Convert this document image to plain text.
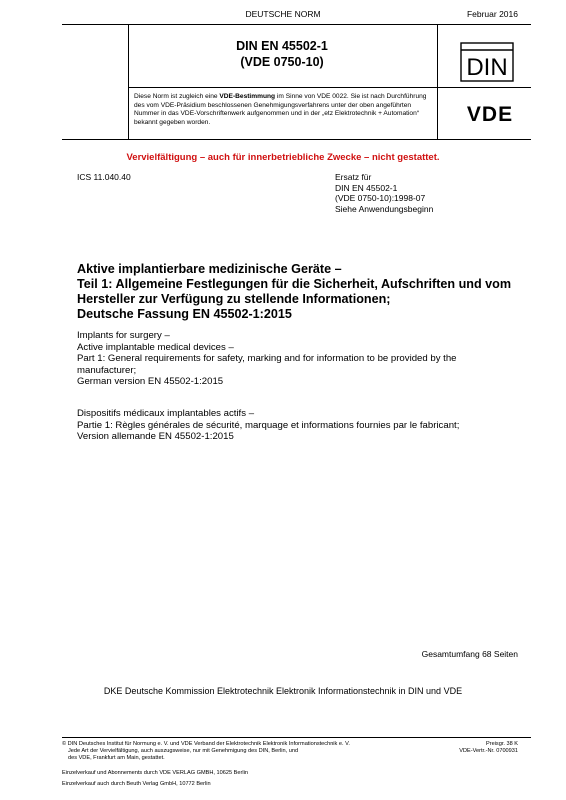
DEUTSCHE NORM	Februar 2016
DIN EN 45502-1
(VDE 0750-10)	DIN
VDE
Diese Norm ist zugleich eine VDE-Bestimmung im Sinne von VDE 0022. Sie ist nach Durchführung des vom VDE-Präsidium beschlossenen Genehmigungsverfahrens unter der oben angeführten Nummer in das VDE-Vorschriftenwerk aufgenommen und in der „etz Elektrotechnik + Automation“ bekannt gegeben worden.
Vervielfältigung – auch für innerbetriebliche Zwecke – nicht gestattet.
ICS 11.040.40	Ersatz für
DIN EN 45502-1
(VDE 0750-10):1998-07
Siehe Anwendungsbeginn
Aktive implantierbare medizinische Geräte –
Teil 1: Allgemeine Festlegungen für die Sicherheit, Aufschriften und vom
Hersteller zur Verfügung zu stellende Informationen;
Deutsche Fassung EN 45502-1:2015
Implants for surgery –
Active implantable medical devices –
Part 1: General requirements for safety, marking and for information to be provided by the
manufacturer;
German version EN 45502-1:2015
Dispositifs médicaux implantables actifs –
Partie 1: Règles générales de sécurité, marquage et informations fournies par le fabricant;
Version allemande EN 45502-1:2015
Gesamtumfang 68 Seiten
DKE Deutsche Kommission Elektrotechnik Elektronik Informationstechnik in DIN und VDE
© DIN Deutsches Institut für Normung e. V. und VDE Verband der Elektrotechnik Elektronik Informationstechnik e. V.
Jede Art der Vervielfältigung, auch auszugsweise, nur mit Genehmigung des DIN, Berlin, und
des VDE, Frankfurt am Main, gestattet.
Einzelverkauf und Abonnements durch VDE VERLAG GMBH, 10625 Berlin
Einzelverkauf auch durch Beuth Verlag GmbH, 10772 Berlin
Preisgr. 38 K
VDE-Vertr.-Nr. 0700931
